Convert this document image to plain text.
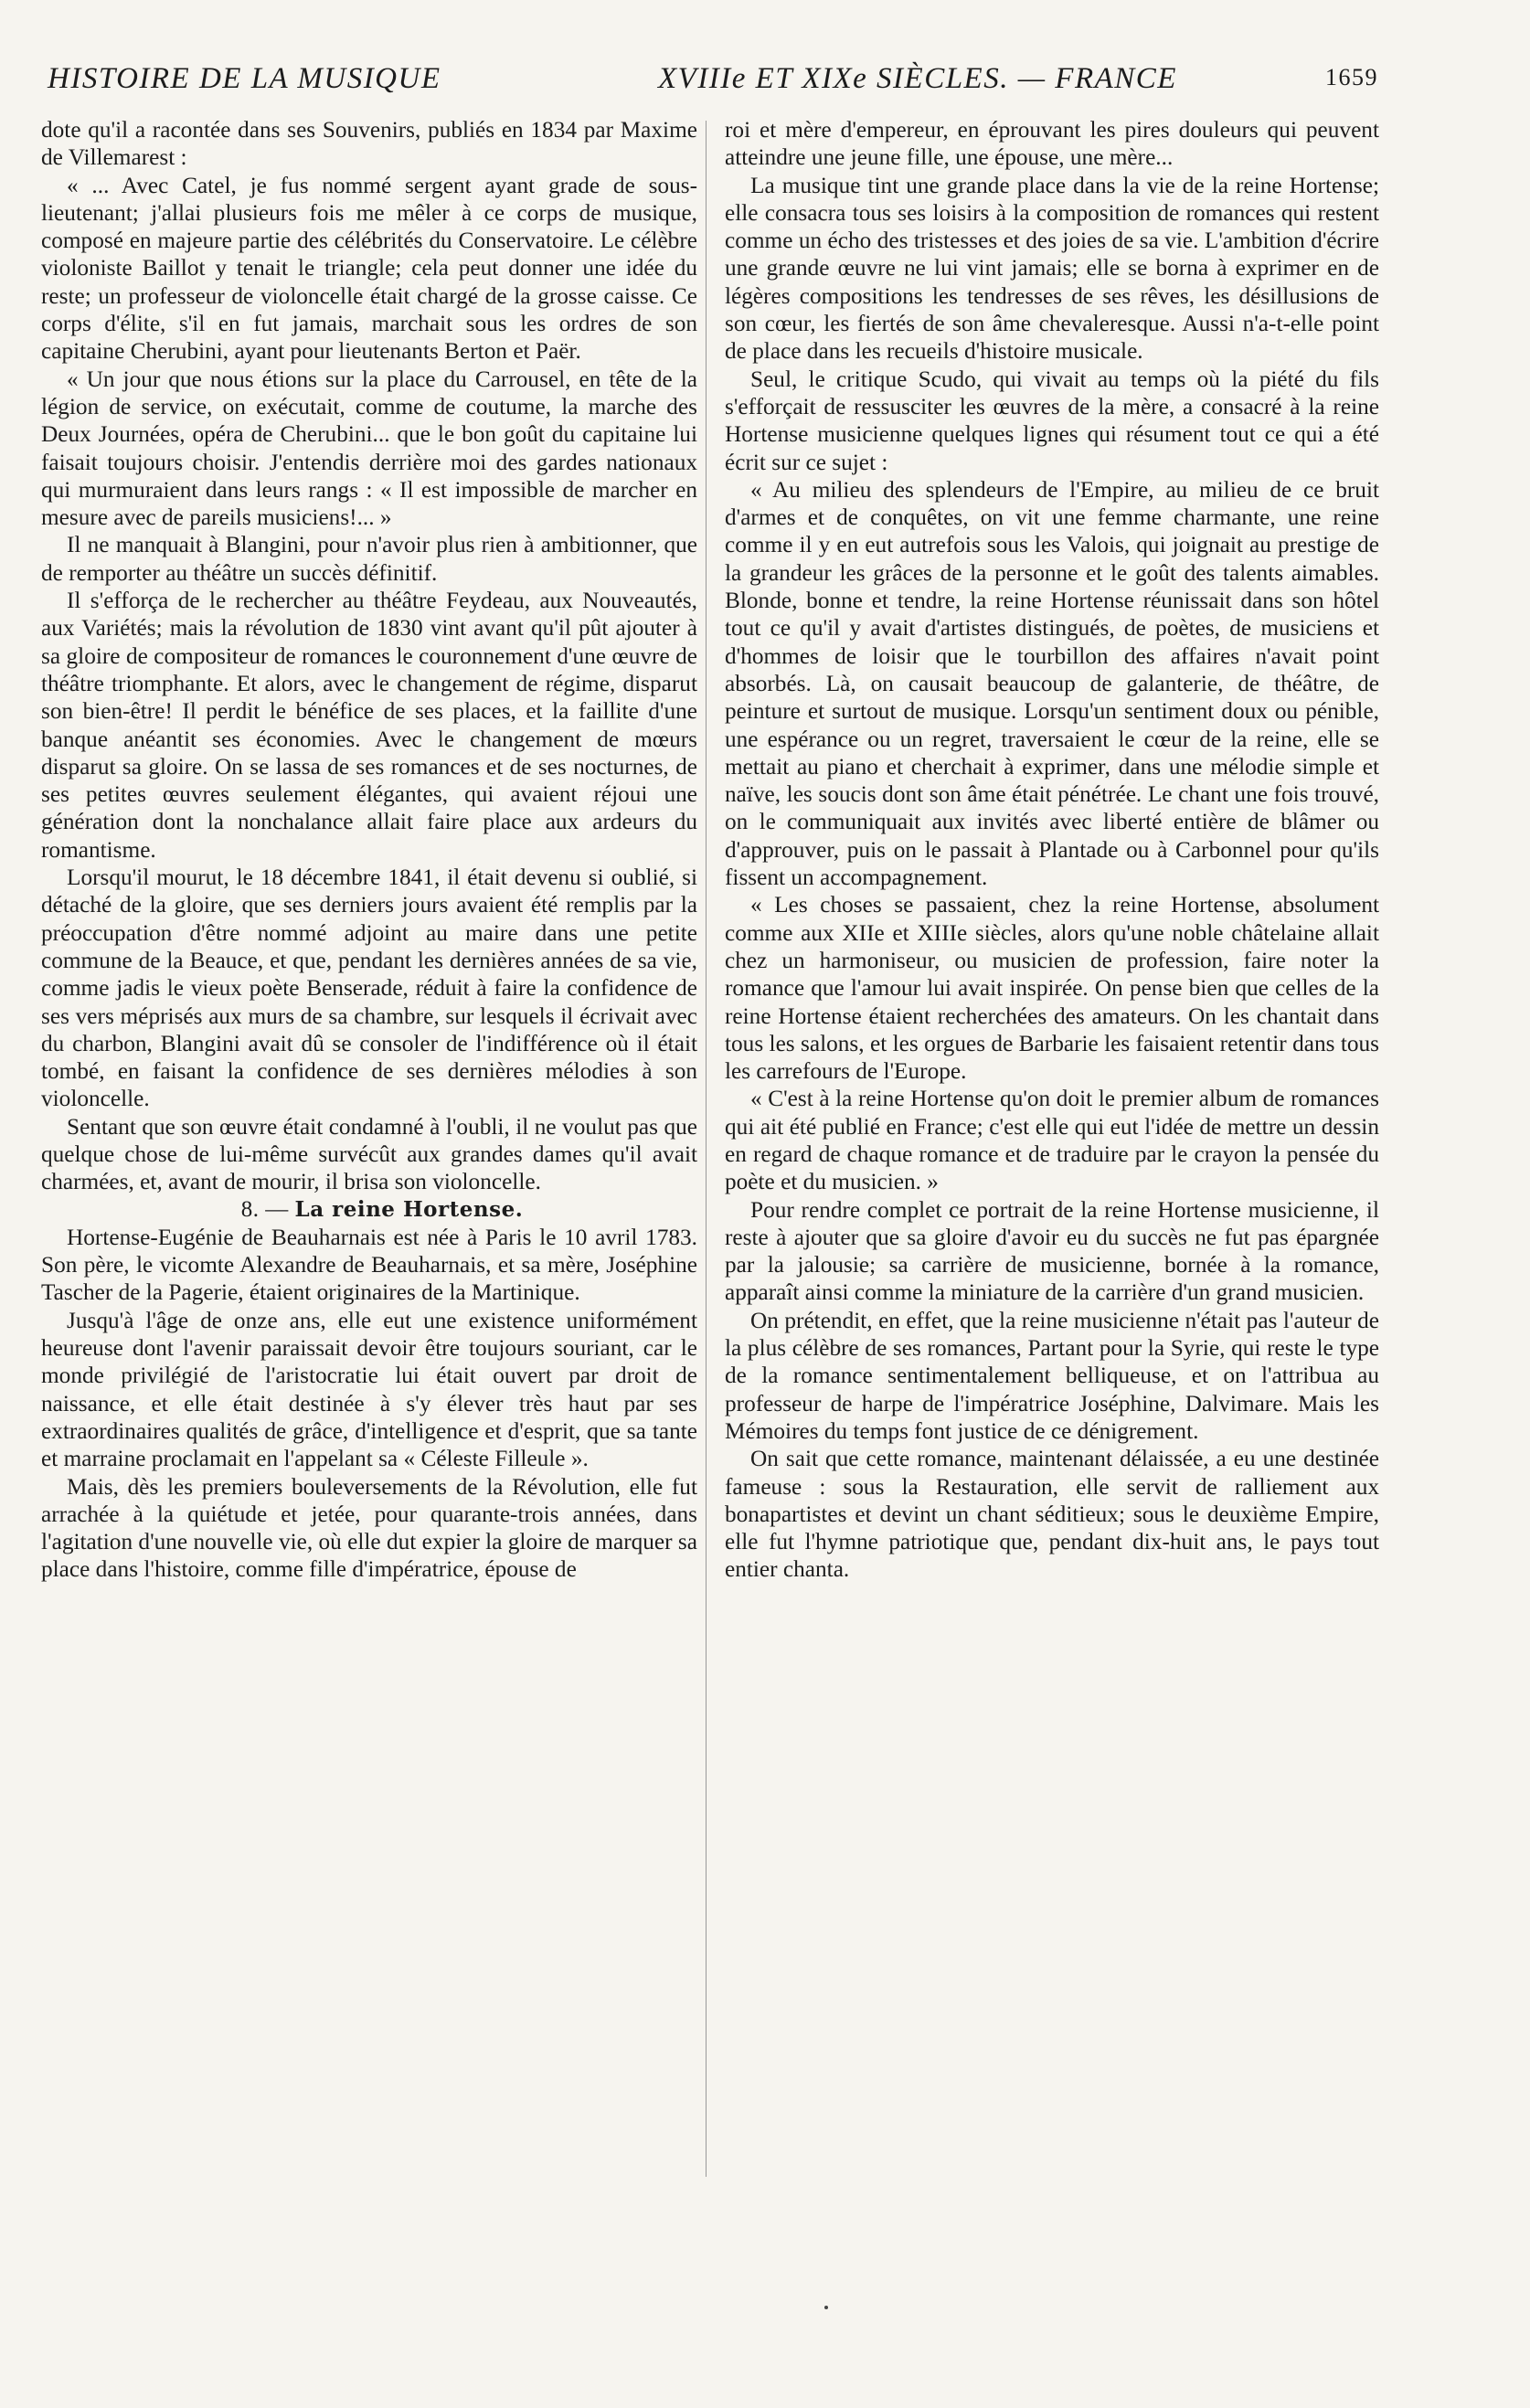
HISTOIRE DE LA MUSIQUE	XVIIIe ET XIXe SIÈCLES. — FRANCE	1659

dote qu'il a racontée dans ses Souvenirs, publiés en 1834 par Maxime de Villemarest :

« ... Avec Catel, je fus nommé sergent ayant grade de sous-lieutenant; j'allai plusieurs fois me mêler à ce corps de musique, composé en majeure partie des célébrités du Conservatoire. Le célèbre violoniste Baillot y tenait le triangle; cela peut donner une idée du reste; un professeur de violoncelle était chargé de la grosse caisse. Ce corps d'élite, s'il en fut jamais, marchait sous les ordres de son capitaine Cherubini, ayant pour lieutenants Berton et Paër.

« Un jour que nous étions sur la place du Carrousel, en tête de la légion de service, on exécutait, comme de coutume, la marche des Deux Journées, opéra de Cherubini... que le bon goût du capitaine lui faisait toujours choisir. J'entendis derrière moi des gardes nationaux qui murmuraient dans leurs rangs : « Il est impossible de marcher en mesure avec de pareils musiciens!... »

Il ne manquait à Blangini, pour n'avoir plus rien à ambitionner, que de remporter au théâtre un succès définitif.

Il s'efforça de le rechercher au théâtre Feydeau, aux Nouveautés, aux Variétés; mais la révolution de 1830 vint avant qu'il pût ajouter à sa gloire de compositeur de romances le couronnement d'une œuvre de théâtre triomphante. Et alors, avec le changement de régime, disparut son bien-être! Il perdit le bénéfice de ses places, et la faillite d'une banque anéantit ses économies. Avec le changement de mœurs disparut sa gloire. On se lassa de ses romances et de ses nocturnes, de ses petites œuvres seulement élégantes, qui avaient réjoui une génération dont la nonchalance allait faire place aux ardeurs du romantisme.

Lorsqu'il mourut, le 18 décembre 1841, il était devenu si oublié, si détaché de la gloire, que ses derniers jours avaient été remplis par la préoccupation d'être nommé adjoint au maire dans une petite commune de la Beauce, et que, pendant les dernières années de sa vie, comme jadis le vieux poète Benserade, réduit à faire la confidence de ses vers méprisés aux murs de sa chambre, sur lesquels il écrivait avec du charbon, Blangini avait dû se consoler de l'indifférence où il était tombé, en faisant la confidence de ses dernières mélodies à son violoncelle.

Sentant que son œuvre était condamné à l'oubli, il ne voulut pas que quelque chose de lui-même survécût aux grandes dames qu'il avait charmées, et, avant de mourir, il brisa son violoncelle.

8. — La reine Hortense.

Hortense-Eugénie de Beauharnais est née à Paris le 10 avril 1783. Son père, le vicomte Alexandre de Beauharnais, et sa mère, Joséphine Tascher de la Pagerie, étaient originaires de la Martinique.

Jusqu'à l'âge de onze ans, elle eut une existence uniformément heureuse dont l'avenir paraissait devoir être toujours souriant, car le monde privilégié de l'aristocratie lui était ouvert par droit de naissance, et elle était destinée à s'y élever très haut par ses extraordinaires qualités de grâce, d'intelligence et d'esprit, que sa tante et marraine proclamait en l'appelant sa « Céleste Filleule ».

Mais, dès les premiers bouleversements de la Révolution, elle fut arrachée à la quiétude et jetée, pour quarante-trois années, dans l'agitation d'une nouvelle vie, où elle dut expier la gloire de marquer sa place dans l'histoire, comme fille d'impératrice, épouse de

roi et mère d'empereur, en éprouvant les pires douleurs qui peuvent atteindre une jeune fille, une épouse, une mère...

La musique tint une grande place dans la vie de la reine Hortense; elle consacra tous ses loisirs à la composition de romances qui restent comme un écho des tristesses et des joies de sa vie. L'ambition d'écrire une grande œuvre ne lui vint jamais; elle se borna à exprimer en de légères compositions les tendresses de ses rêves, les désillusions de son cœur, les fiertés de son âme chevaleresque. Aussi n'a-t-elle point de place dans les recueils d'histoire musicale.

Seul, le critique Scudo, qui vivait au temps où la piété du fils s'efforçait de ressusciter les œuvres de la mère, a consacré à la reine Hortense musicienne quelques lignes qui résument tout ce qui a été écrit sur ce sujet :

« Au milieu des splendeurs de l'Empire, au milieu de ce bruit d'armes et de conquêtes, on vit une femme charmante, une reine comme il y en eut autrefois sous les Valois, qui joignait au prestige de la grandeur les grâces de la personne et le goût des talents aimables. Blonde, bonne et tendre, la reine Hortense réunissait dans son hôtel tout ce qu'il y avait d'artistes distingués, de poètes, de musiciens et d'hommes de loisir que le tourbillon des affaires n'avait point absorbés. Là, on causait beaucoup de galanterie, de théâtre, de peinture et surtout de musique. Lorsqu'un sentiment doux ou pénible, une espérance ou un regret, traversaient le cœur de la reine, elle se mettait au piano et cherchait à exprimer, dans une mélodie simple et naïve, les soucis dont son âme était pénétrée. Le chant une fois trouvé, on le communiquait aux invités avec liberté entière de blâmer ou d'approuver, puis on le passait à Plantade ou à Carbonnel pour qu'ils fissent un accompagnement.

« Les choses se passaient, chez la reine Hortense, absolument comme aux XIIe et XIIIe siècles, alors qu'une noble châtelaine allait chez un harmoniseur, ou musicien de profession, faire noter la romance que l'amour lui avait inspirée. On pense bien que celles de la reine Hortense étaient recherchées des amateurs. On les chantait dans tous les salons, et les orgues de Barbarie les faisaient retentir dans tous les carrefours de l'Europe.

« C'est à la reine Hortense qu'on doit le premier album de romances qui ait été publié en France; c'est elle qui eut l'idée de mettre un dessin en regard de chaque romance et de traduire par le crayon la pensée du poète et du musicien. »

Pour rendre complet ce portrait de la reine Hortense musicienne, il reste à ajouter que sa gloire d'avoir eu du succès ne fut pas épargnée par la jalousie; sa carrière de musicienne, bornée à la romance, apparaît ainsi comme la miniature de la carrière d'un grand musicien.

On prétendit, en effet, que la reine musicienne n'était pas l'auteur de la plus célèbre de ses romances, Partant pour la Syrie, qui reste le type de la romance sentimentalement belliqueuse, et on l'attribua au professeur de harpe de l'impératrice Joséphine, Dalvimare. Mais les Mémoires du temps font justice de ce dénigrement.

On sait que cette romance, maintenant délaissée, a eu une destinée fameuse : sous la Restauration, elle servit de ralliement aux bonapartistes et devint un chant séditieux; sous le deuxième Empire, elle fut l'hymne patriotique que, pendant dix-huit ans, le pays tout entier chanta.
